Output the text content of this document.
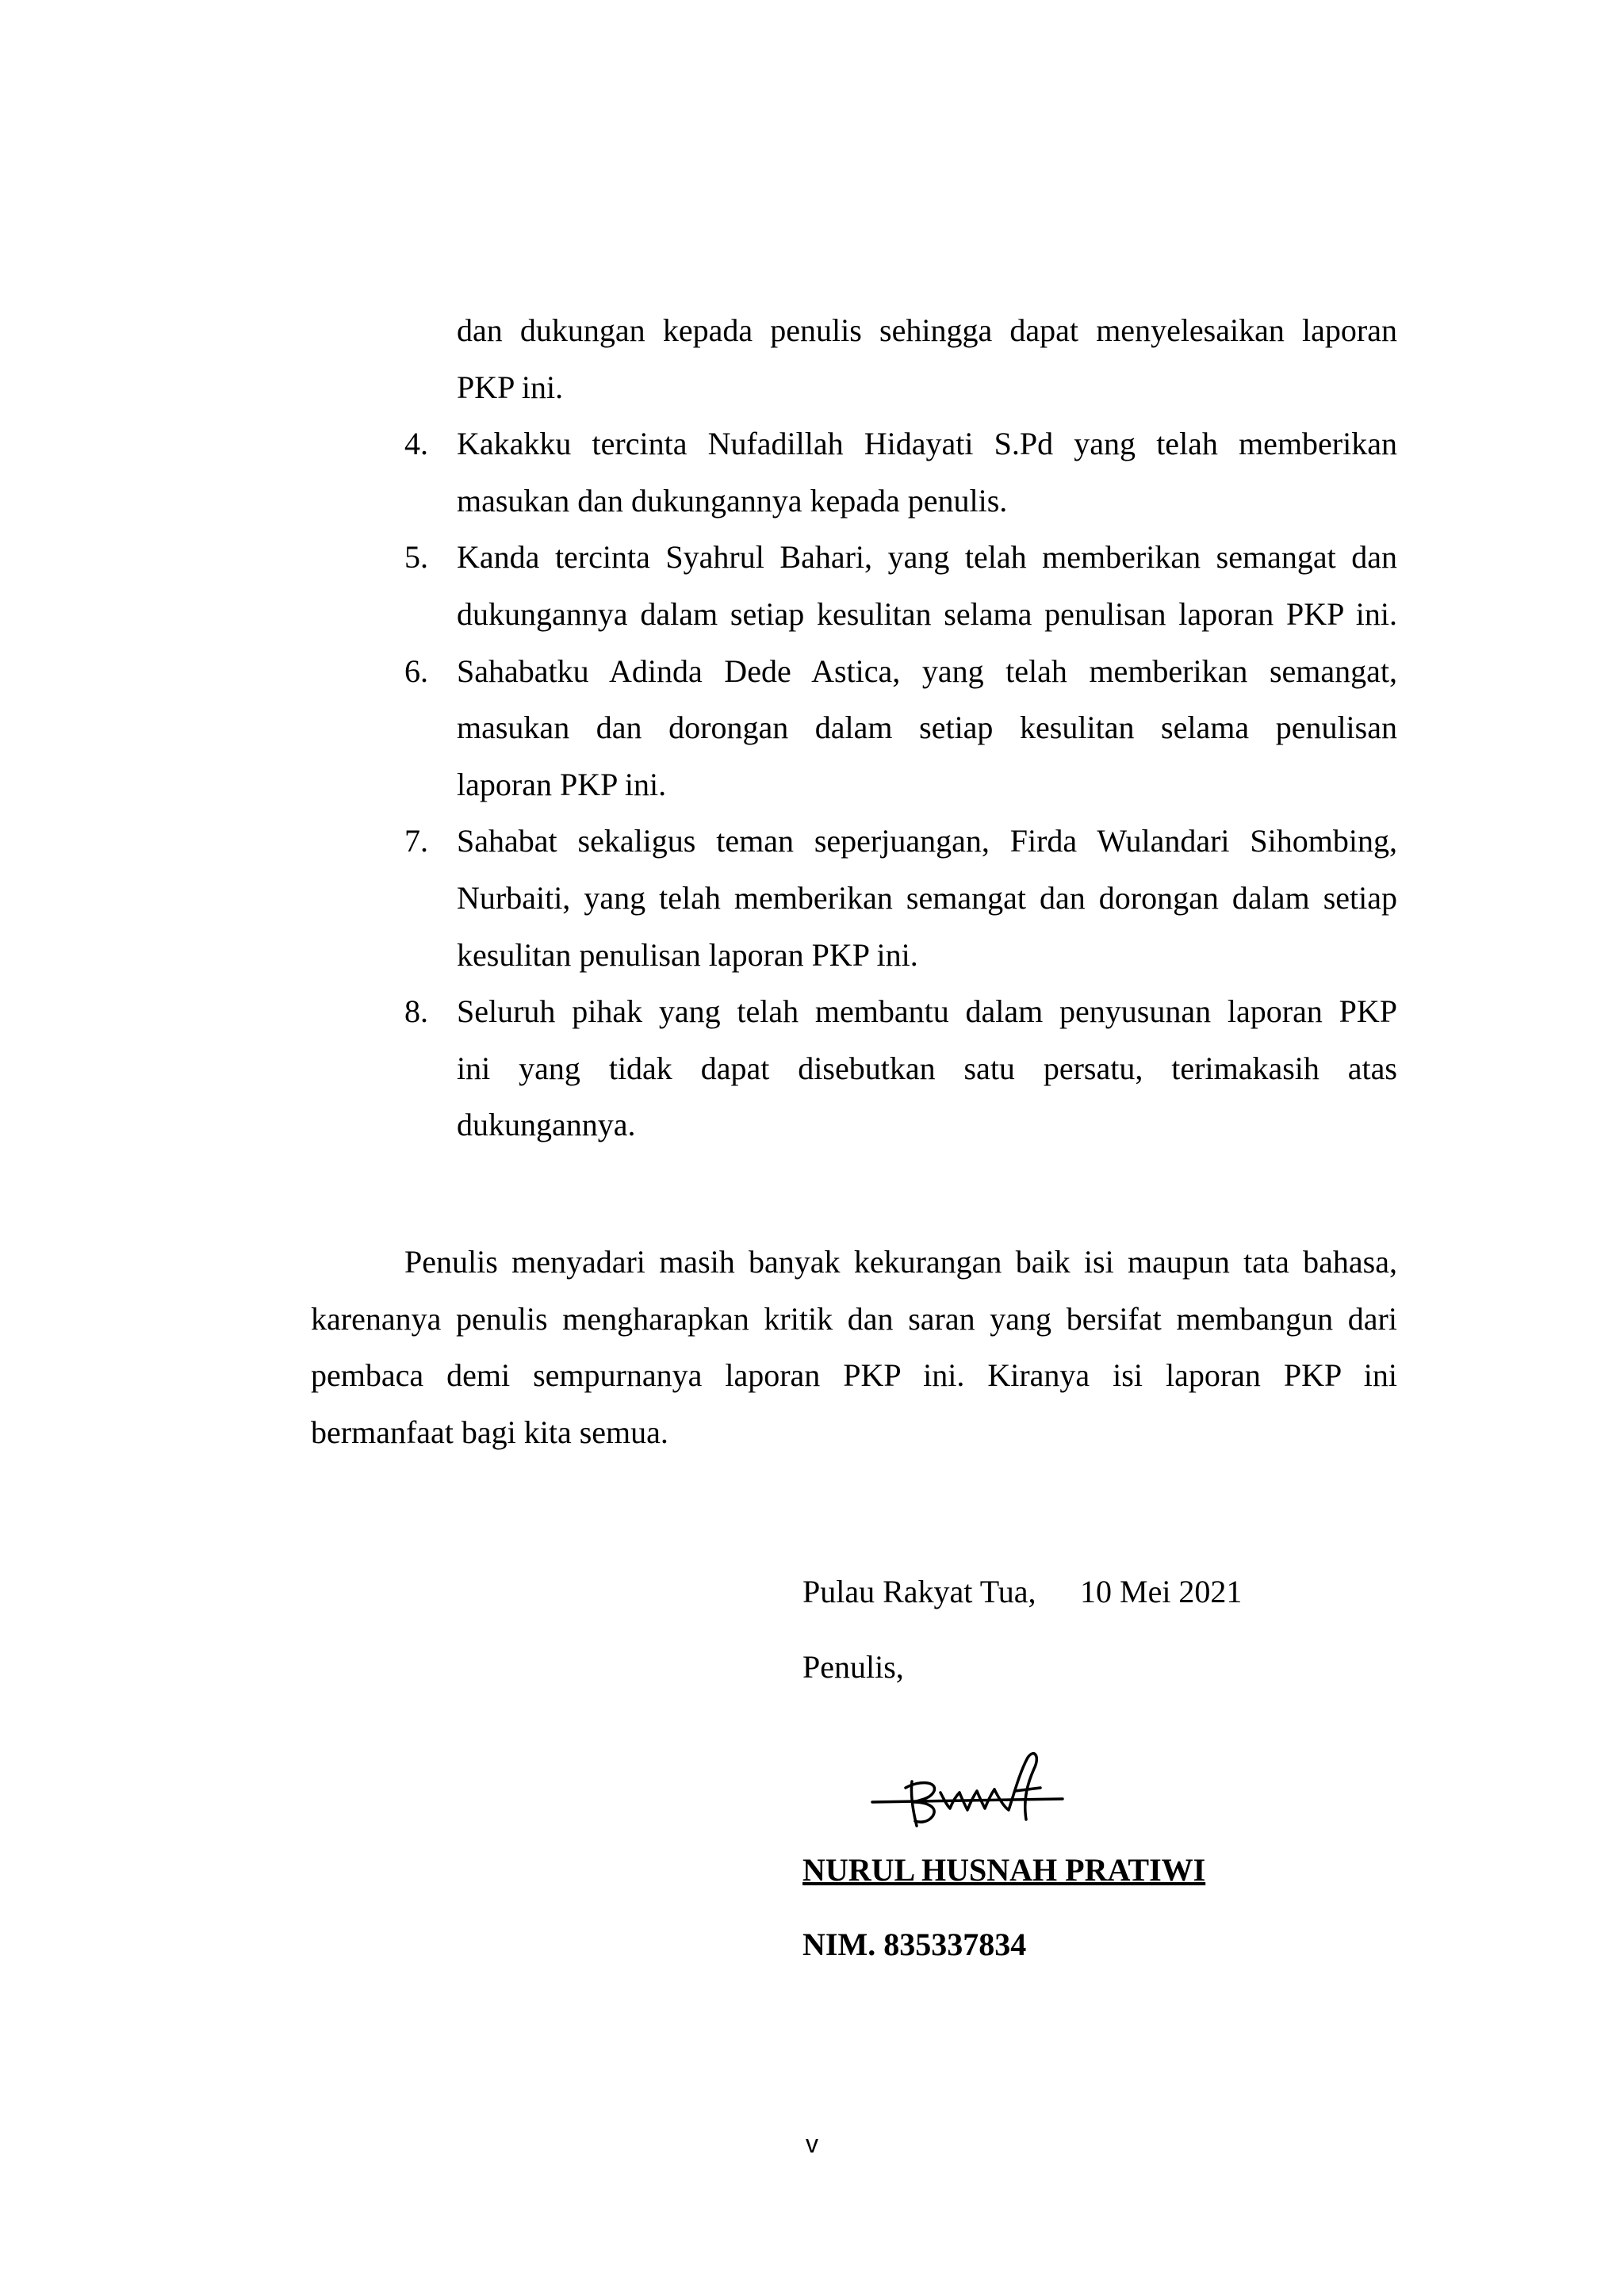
dan dukungan kepada penulis sehingga dapat menyelesaikan laporan
PKP ini.
4. Kakakku tercinta Nufadillah Hidayati S.Pd yang telah memberikan
masukan dan dukungannya kepada penulis.
5. Kanda tercinta Syahrul Bahari, yang telah memberikan semangat dan
dukungannya dalam setiap kesulitan selama penulisan laporan PKP ini.
6. Sahabatku Adinda Dede Astica, yang telah memberikan semangat,
masukan dan dorongan dalam setiap kesulitan selama penulisan
laporan PKP ini.
7. Sahabat sekaligus teman seperjuangan, Firda Wulandari Sihombing,
Nurbaiti, yang telah memberikan semangat dan dorongan dalam setiap
kesulitan penulisan laporan PKP ini.
8. Seluruh pihak yang telah membantu dalam penyusunan laporan PKP
ini yang tidak dapat disebutkan satu persatu, terimakasih atas
dukungannya.
Penulis menyadari masih banyak kekurangan baik isi maupun tata bahasa,
karenanya penulis mengharapkan kritik dan saran yang bersifat membangun dari
pembaca demi sempurnanya laporan PKP ini. Kiranya isi laporan PKP ini
bermanfaat bagi kita semua.
Pulau Rakyat Tua, 10 Mei 2021
Penulis,
NURUL HUSNAH PRATIWI
NIM. 835337834
v
